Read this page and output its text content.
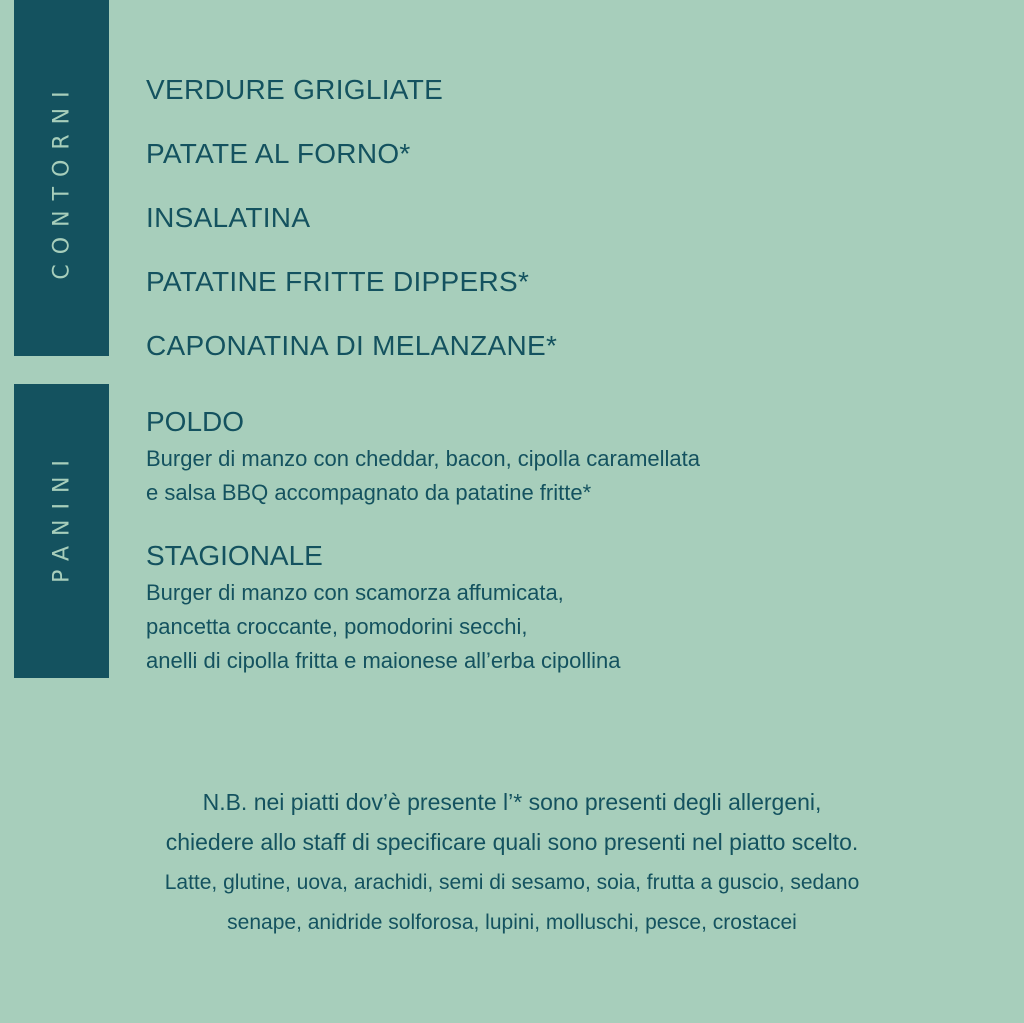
CONTORNI	VERDURE GRIGLIATE
PATATE AL FORNO*
INSALATINA
PATATINE FRITTE DIPPERS*
CAPONATINA DI MELANZANE*
PANINI
POLDO
Burger di manzo con cheddar, bacon, cipolla caramellata
e salsa BBQ accompagnato da patatine fritte*
STAGIONALE
Burger di manzo con scamorza affumicata,
pancetta croccante, pomodorini secchi,
anelli di cipolla fritta e maionese all’erba cipollina
N.B. nei piatti dov’è presente l’* sono presenti degli allergeni,
chiedere allo staff di specificare quali sono presenti nel piatto scelto.
Latte, glutine, uova, arachidi, semi di sesamo, soia, frutta a guscio, sedano
senape, anidride solforosa, lupini, molluschi, pesce, crostacei
